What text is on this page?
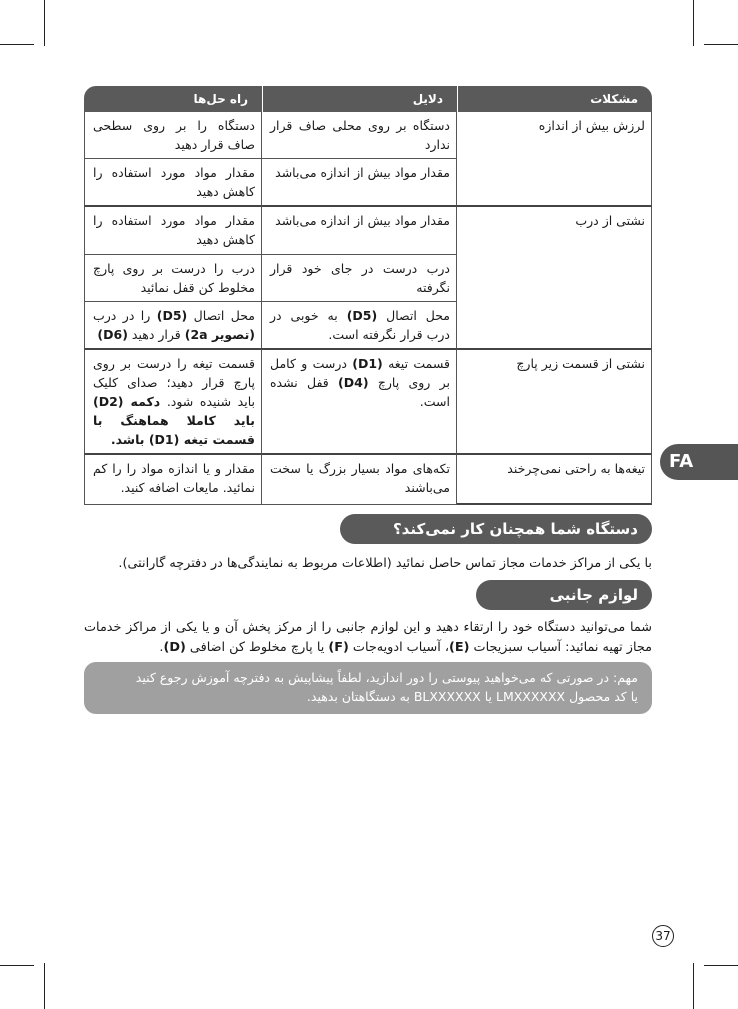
مشکلات	دلایل	راه حل‌ها
لرزش بیش از اندازه	دستگاه بر روی محلی صاف قرار ندارد	دستگاه را بر روی سطحی صاف قرار دهید
	مقدار مواد بیش از اندازه می‌باشد	مقدار مواد مورد استفاده را کاهش دهید
نشتی از درب	مقدار مواد بیش از اندازه می‌باشد	مقدار مواد مورد استفاده را کاهش دهید
	درب درست در جای خود قرار نگرفته	درب را درست بر روی پارچ مخلوط کن قفل نمائید
	محل اتصال (D5) به خوبی در درب قرار نگرفته است.	محل اتصال (D5) را در درب (تصویر 2a) قرار دهید (D6)
نشتی از قسمت زیر پارچ	قسمت تیغه (D1) درست و کامل بر روی پارچ (D4) قفل نشده است.	قسمت تیغه را درست بر روی پارچ قرار دهید؛ صدای کلیک باید شنیده شود. دکمه (D2) باید کاملا هماهنگ با قسمت تیغه (D1) باشد.
تیغه‌ها به راحتی نمی‌چرخند	تکه‌های مواد بسیار بزرگ یا سخت می‌باشند	مقدار و یا اندازه مواد را را کم نمائید. مایعات اضافه کنید.
FA
دستگاه شما همچنان کار نمی‌کند؟
با یکی از مراکز خدمات مجاز تماس حاصل نمائید (اطلاعات مربوط به نمایندگی‌ها در دفترچه گارانتی).
لوازم جانبی
شما می‌توانید دستگاه خود را ارتقاء دهید و این لوازم جانبی را از مرکز پخش آن و یا یکی از مراکز خدمات مجاز تهیه نمائید: آسیاب سبزیجات (E)، آسیاب ادویه‌جات (F) یا پارچ مخلوط کن اضافی (D).
مهم: در صورتی که می‌خواهید پیوستی را دور اندازید، لطفاً پیشاپیش به دفترچه آموزش رجوع کنید
یا کد محصول LMXXXXXX یا BLXXXXXX به دستگاهتان بدهید.
37
